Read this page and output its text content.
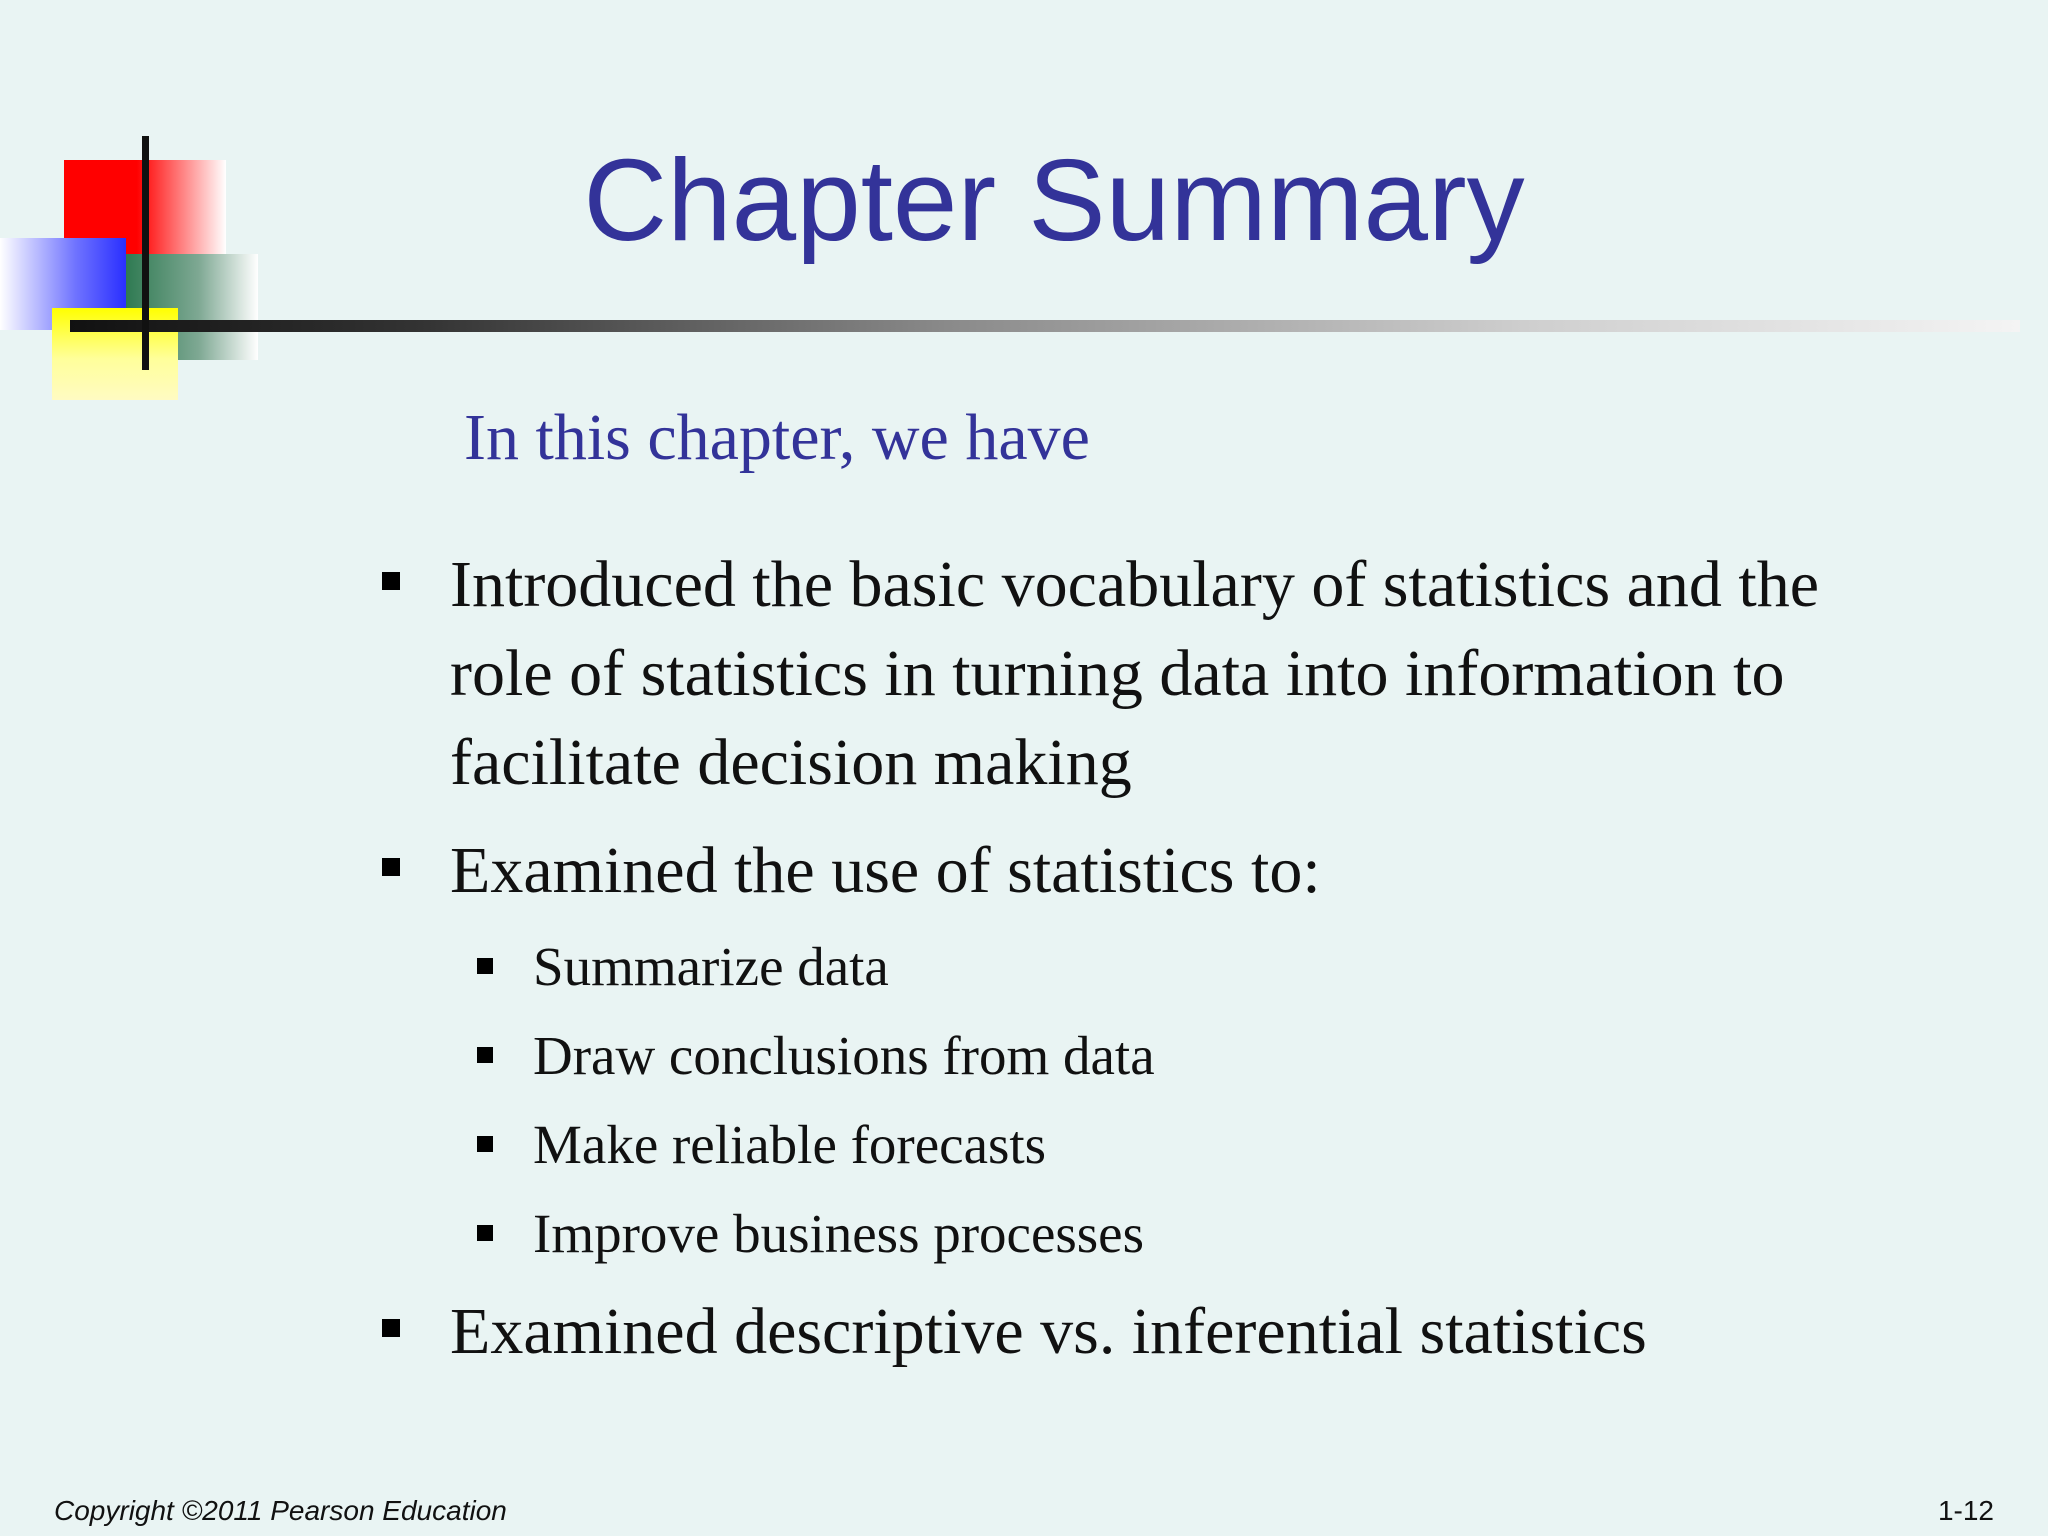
Chapter Summary
In this chapter, we have
Introduced the basic vocabulary of statistics and the role of statistics in turning data into information to facilitate decision making
Examined the use of statistics to:
Summarize data
Draw conclusions from data
Make reliable forecasts
Improve business processes
Examined descriptive vs. inferential statistics
Copyright ©2011 Pearson Education	1-12
